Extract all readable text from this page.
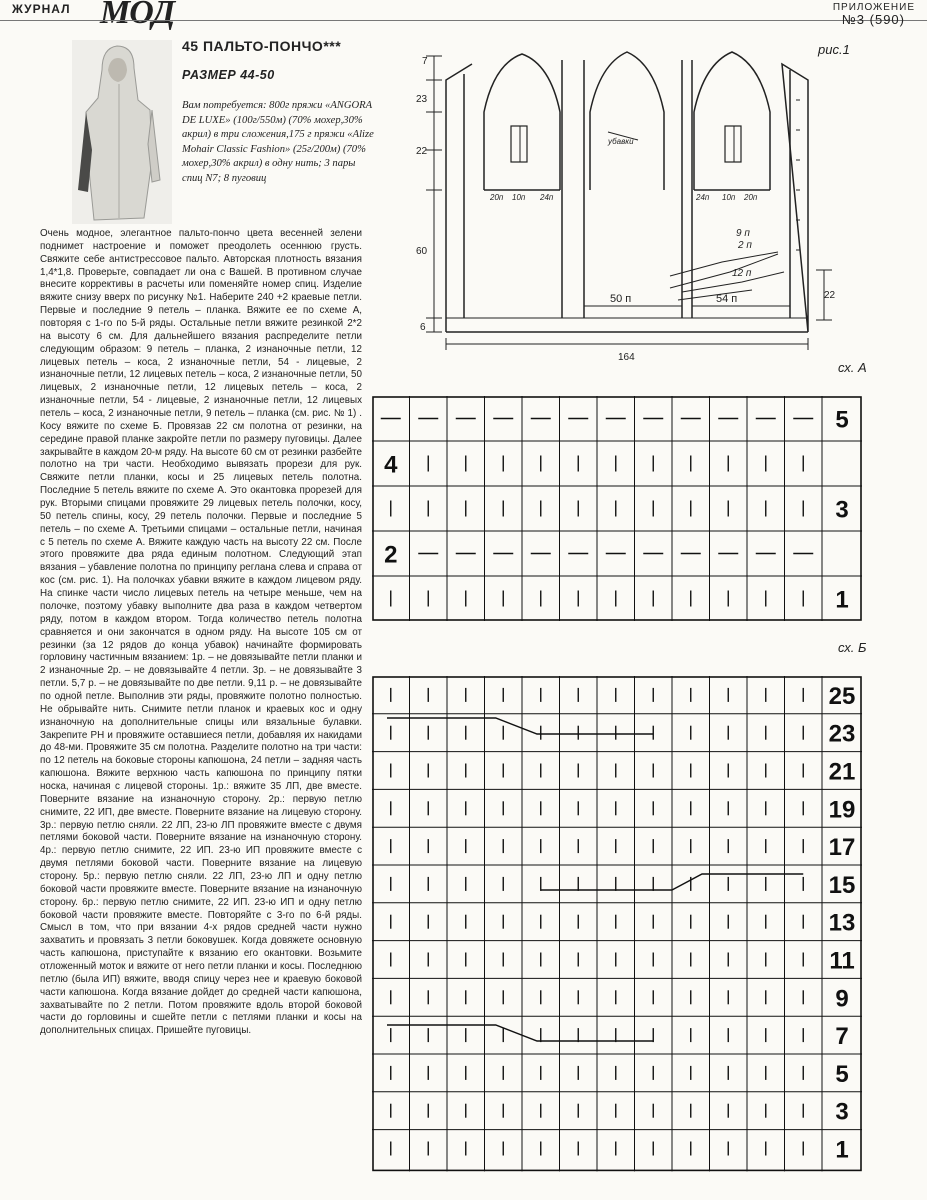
ЖУРНАЛ МОД	ПРИЛОЖЕНИЕ
№3 (590)
45 ПАЛЬТО-ПОНЧО***
РАЗМЕР 44-50
Вам потребуется: 800г пряжи «ANGORA DE LUXE» (100г/550м) (70% мохер,30% акрил) в три сложения,175 г пряжи «Alize Mohair Classic Fashion» (25г/200м) (70% мохер,30% акрил) в одну нить; 3 пары спиц N7; 8 пуговиц
Очень модное, элегантное пальто-пончо цвета весенней зелени поднимет настроение и поможет преодолеть осеннюю грусть. Свяжите себе антистрессовое пальто. Авторская плотность вязания 1,4*1,8. Проверьте, совпадает ли она с Вашей. В противном случае внесите коррективы в расчеты или поменяйте номер спиц. Изделие вяжите снизу вверх по рисунку №1. Наберите 240 +2 краевые петли. Первые и последние 9 петель – планка. Вяжите ее по схеме А, повторяя с 1-го по 5-й ряды. Остальные петли вяжите резинкой 2*2 на высоту 6 см. Для дальнейшего вязания распределите петли следующим образом: 9 петель – планка, 2 изнаночные петли, 12 лицевых петель – коса, 2 изнаночные петли, 54 - лицевые, 2 изнаночные петли, 12 лицевых петель – коса, 2 изнаночные петли, 50 лицевых, 2 изнаночные петли, 12 лицевых петель – коса, 2 изнаночные петли, 54 - лицевые, 2 изнаночные петли, 12 лицевых петель – коса, 2 изнаночные петли, 9 петель – планка (см. рис. № 1) . Косу вяжите по схеме Б. Провязав 22 см полотна от резинки, на середине правой планке закройте петли по размеру пуговицы. Далее закрывайте в каждом 20-м ряду. На высоте 60 см от резинки разбейте полотно на три части. Необходимо вывязать прорези для рук. Свяжите петли планки, косы и 25 лицевых петель полотна. Последние 5 петель вяжите по схеме А. Это окантовка прорезей для рук. Вторыми спицами провяжите 29 лицевых петель полочки, косу, 50 петель спины, косу, 29 петель полочки. Первые и последние 5 петель – по схеме А. Третьими спицами – остальные петли, начиная с 5 петель по схеме А. Вяжите каждую часть на высоту 22 см. После этого провяжите два ряда единым полотном. Следующий этап вязания – убавление полотна по принципу реглана слева и справа от кос (см. рис. 1). На полочках убавки вяжите в каждом лицевом ряду. На спинке части число лицевых петель на четыре меньше, чем на полочке, поэтому убавку выполните два раза в каждом четвертом ряду, потом в каждом втором. Тогда количество петель полотна сравняется и они закончатся в одном ряду. На высоте 105 см от резинки (за 12 рядов до конца убавок) начинайте формировать горловину частичным вязанием: 1р. – не довязывайте петли планки и 2 изнаночные 2р. – не довязывайте 4 петли. 3р. – не довязывайте 3 петли. 5,7 р. – не довязывайте по две петли. 9,11 р. – не довязывайте по одной петле. Выполнив эти ряды, провяжите полотно полностью. Не обрывайте нить. Снимите петли планок и краевых кос и одну изнаночную на дополнительные спицы или вязальные булавки. Закрепите РН и провяжите оставшиеся петли, добавляя их накидами до 48-ми. Провяжите 35 см полотна. Разделите полотно на три части: по 12 петель на боковые стороны капюшона, 24 петли – задняя часть капюшона. Вяжите верхнюю часть капюшона по принципу пятки носка, начиная с лицевой стороны. 1р.: вяжите 35 ЛП, две вместе. Поверните вязание на изнаночную сторону. 2р.: первую петлю снимите, 22 ИП, две вместе. Поверните вязание на лицевую сторону. 3р.: первую петлю сняли. 22 ЛП, 23-ю ЛП провяжите вместе с двумя петлями боковой части. Поверните вязание на изнаночную сторону. 4р.: первую петлю снимите, 22 ИП. 23-ю ИП провяжите вместе с двумя петлями боковой части. Поверните вязание на лицевую сторону. 5р.: первую петлю сняли. 22 ЛП, 23-ю ЛП и одну петлю боковой части провяжите вместе. Поверните вязание на изнаночную сторону. 6р.: первую петлю снимите, 22 ИП. 23-ю ИП и одну петлю боковой части провяжите вместе. Повторяйте с 3-го по 6-й ряды. Смысл в том, что при вязании 4-х рядов средней части нужно захватить и провязать 3 петли боковушек. Когда довяжете основную часть капюшона, приступайте к вязанию его окантовки. Возьмите отложенный моток и вяжите от него петли планки и косы. Последнюю петлю (была ИП) вяжите, вводя спицу через нее и краевую боковой части капюшона. Когда вязание дойдет до средней части капюшона, захватывайте по 2 петли. Потом провяжите вдоль второй боковой части до горловины и сшейте петли с петлями планки и косы на дополнительных спицах. Пришейте пуговицы.
7
23
22
60
6
22
164
20п 10п 24п	24п 10п 20п
убавки
9 п
2 п
12 п
50 п	54 п
рис.1
сх. А
5
4
3
2
1
сх. Б
25
23
21
19
17
15
13
11
9
7
5
3
1
